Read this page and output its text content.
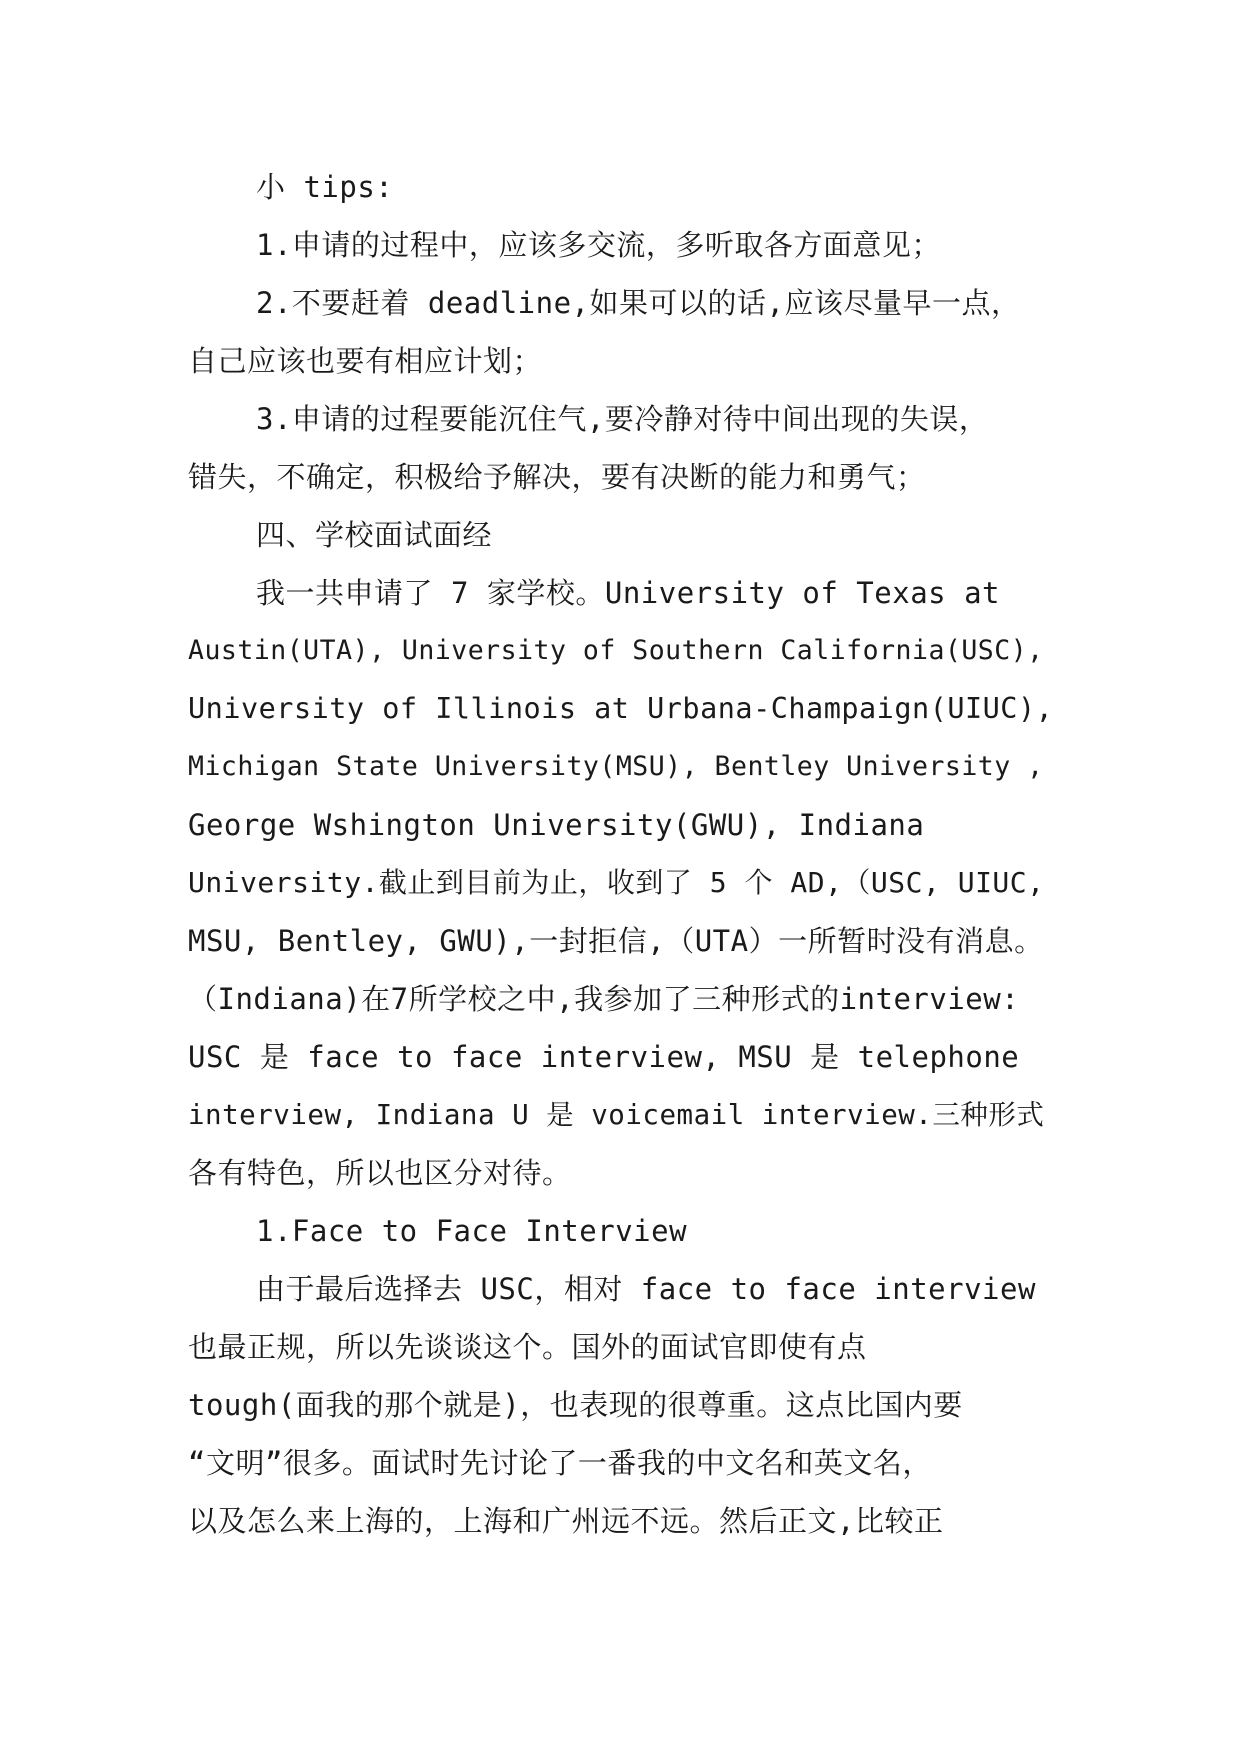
小 tips:
1.申请的过程中，应该多交流，多听取各方面意见；
2.不要赶着 deadline,如果可以的话,应该尽量早一点，
自己应该也要有相应计划；
3.申请的过程要能沉住气,要冷静对待中间出现的失误，
错失，不确定，积极给予解决，要有决断的能力和勇气；
四、学校面试面经
我一共申请了 7 家学校。University of Texas at
Austin(UTA), University of Southern California(USC),
University of Illinois at Urbana-Champaign(UIUC),
Michigan State University(MSU), Bentley University ,
George Wshington University(GWU), Indiana
University.截止到目前为止，收到了 5 个 AD,（USC, UIUC,
MSU, Bentley, GWU),一封拒信,（UTA）一所暂时没有消息。
（Indiana)在7所学校之中,我参加了三种形式的interview:
USC 是 face to face interview, MSU 是 telephone
interview, Indiana U 是 voicemail interview.三种形式
各有特色，所以也区分对待。
1.Face to Face Interview
由于最后选择去 USC，相对 face to face interview
也最正规，所以先谈谈这个。国外的面试官即使有点
tough(面我的那个就是)，也表现的很尊重。这点比国内要
“文明”很多。面试时先讨论了一番我的中文名和英文名，
以及怎么来上海的，上海和广州远不远。然后正文,比较正
